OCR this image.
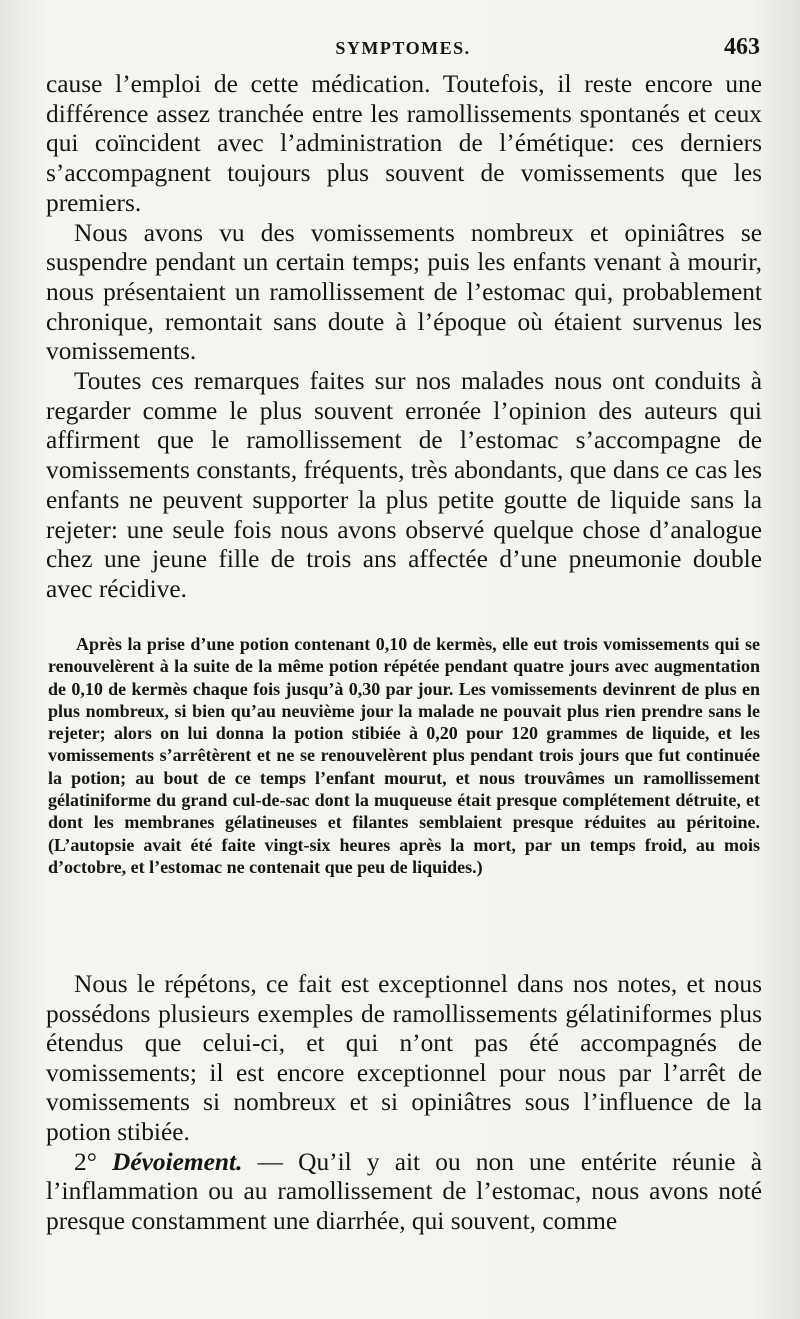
SYMPTOMES.	463

cause l’emploi de cette médication. Toutefois, il reste encore une différence assez tranchée entre les ramollissements spontanés et ceux qui coïncident avec l’administration de l’émétique: ces derniers s’accompagnent toujours plus souvent de vomissements que les premiers.

Nous avons vu des vomissements nombreux et opiniâtres se suspendre pendant un certain temps; puis les enfants venant à mourir, nous présentaient un ramollissement de l’estomac qui, probablement chronique, remontait sans doute à l’époque où étaient survenus les vomissements.

Toutes ces remarques faites sur nos malades nous ont conduits à regarder comme le plus souvent erronée l’opinion des auteurs qui affirment que le ramollissement de l’estomac s’accompagne de vomissements constants, fréquents, très abondants, que dans ce cas les enfants ne peuvent supporter la plus petite goutte de liquide sans la rejeter: une seule fois nous avons observé quelque chose d’analogue chez une jeune fille de trois ans affectée d’une pneumonie double avec récidive.

Après la prise d’une potion contenant 0,10 de kermès, elle eut trois vomissements qui se renouvelèrent à la suite de la même potion répétée pendant quatre jours avec augmentation de 0,10 de kermès chaque fois jusqu’à 0,30 par jour. Les vomissements devinrent de plus en plus nombreux, si bien qu’au neuvième jour la malade ne pouvait plus rien prendre sans le rejeter; alors on lui donna la potion stibiée à 0,20 pour 120 grammes de liquide, et les vomissements s’arrêtèrent et ne se renouvelèrent plus pendant trois jours que fut continuée la potion; au bout de ce temps l’enfant mourut, et nous trouvâmes un ramollissement gélatiniforme du grand cul-de-sac dont la muqueuse était presque complétement détruite, et dont les membranes gélatineuses et filantes semblaient presque réduites au péritoine. (L’autopsie avait été faite vingt-six heures après la mort, par un temps froid, au mois d’octobre, et l’estomac ne contenait que peu de liquides.)

Nous le répétons, ce fait est exceptionnel dans nos notes, et nous possédons plusieurs exemples de ramollissements gélatiniformes plus étendus que celui-ci, et qui n’ont pas été accompagnés de vomissements; il est encore exceptionnel pour nous par l’arrêt de vomissements si nombreux et si opiniâtres sous l’influence de la potion stibiée.

2° Dévoiement. — Qu’il y ait ou non une entérite réunie à l’inflammation ou au ramollissement de l’estomac, nous avons noté presque constamment une diarrhée, qui souvent, comme
